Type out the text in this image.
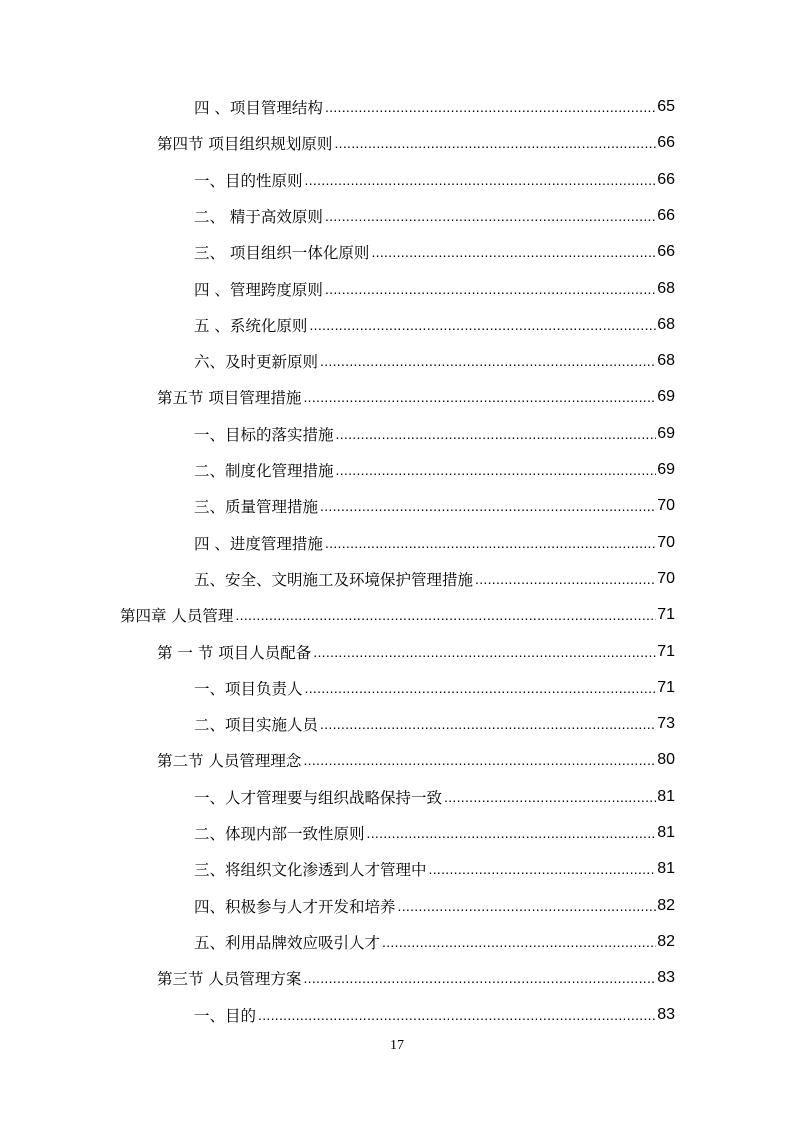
四 、项目管理结构 .....	65
第四节 项目组织规划原则 .....	66
一、目的性原则 .....	66
二、 精于高效原则 .....	66
三、 项目组织一体化原则 .....	66
四 、管理跨度原则 .....	68
五 、系统化原则 .....	68
六、及时更新原则 .....	68
第五节 项目管理措施 .....	69
一、目标的落实措施 .....	69
二、制度化管理措施 .....	69
三、质量管理措施 .....	70
四 、进度管理措施 .....	70
五、安全、文明施工及环境保护管理措施 .....	70
第四章 人员管理 .....	71
第 一 节 项目人员配备 .....	71
一、项目负责人 .....	71
二、项目实施人员 .....	73
第二节 人员管理理念 .....	80
一、人才管理要与组织战略保持一致 .....	81
二、体现内部一致性原则 .....	81
三、将组织文化渗透到人才管理中 .....	81
四、积极参与人才开发和培养 .....	82
五、利用品牌效应吸引人才 .....	82
第三节 人员管理方案 .....	83
一、目的 .....	83
17
